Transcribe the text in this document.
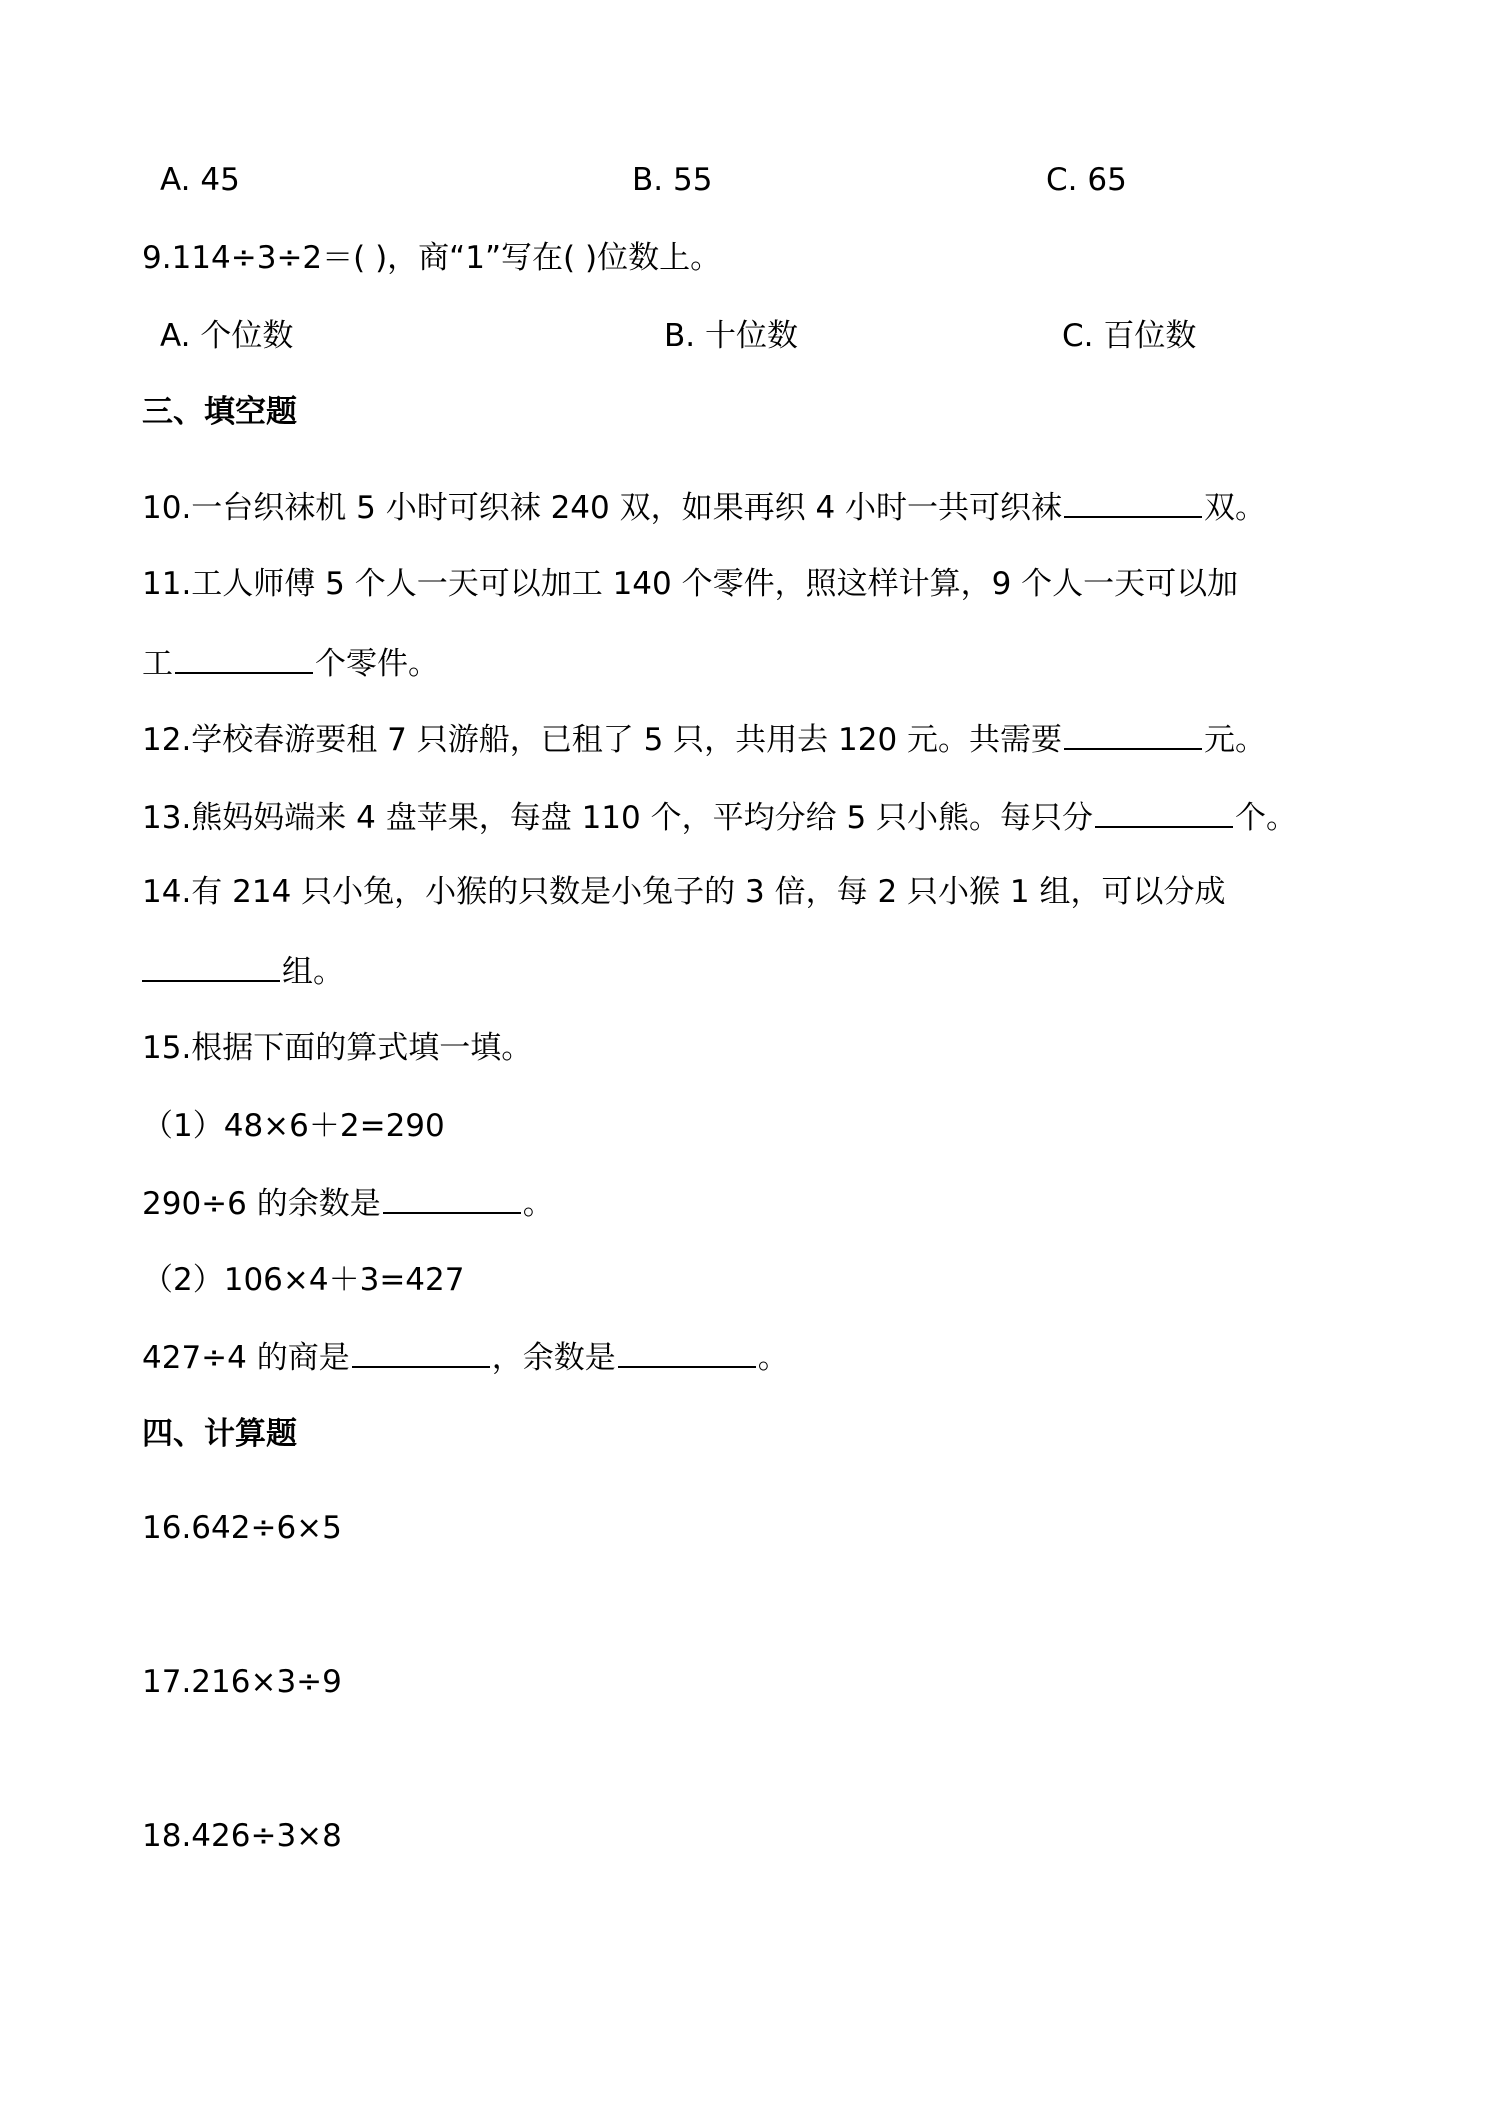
A. 45	B. 55	C. 65
9.114÷3÷2＝( )，商“1”写在( )位数上。
A. 个位数	B. 十位数	C. 百位数
三、填空题
10.一台织袜机 5 小时可织袜 240 双，如果再织 4 小时一共可织袜	双。
11.工人师傅 5 个人一天可以加工 140 个零件，照这样计算，9 个人一天可以加
工	个零件。
12.学校春游要租 7 只游船，已租了 5 只，共用去 120 元。共需要	元。
13.熊妈妈端来 4 盘苹果，每盘 110 个，平均分给 5 只小熊。每只分	个。
14.有 214 只小兔，小猴的只数是小兔子的 3 倍，每 2 只小猴 1 组，可以分成
组。
15.根据下面的算式填一填。
（1）48×6＋2=290
290÷6 的余数是	。
（2）106×4＋3=427
427÷4 的商是	，余数是	。
四、计算题
16.642÷6×5
17.216×3÷9
18.426÷3×8
